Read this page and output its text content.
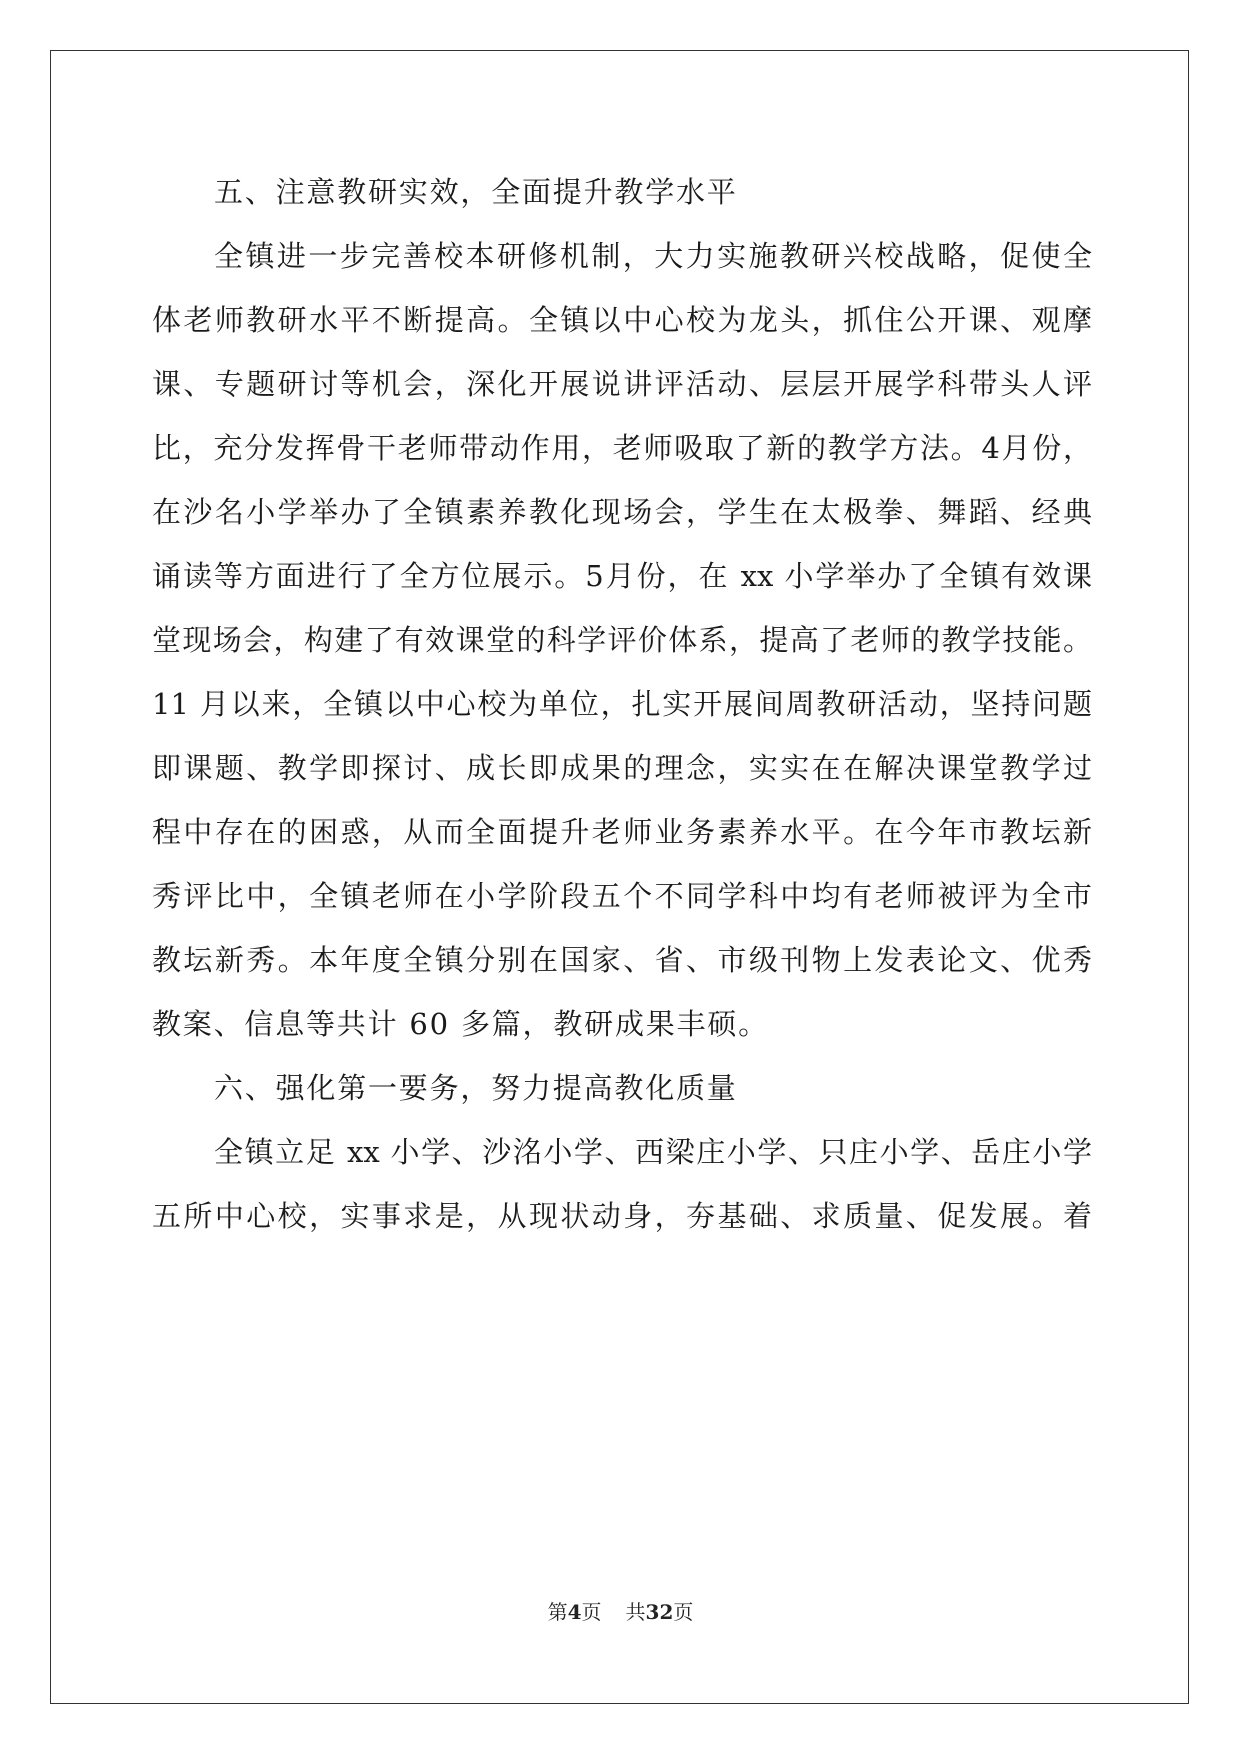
五、注意教研实效，全面提升教学水平
全镇进一步完善校本研修机制，大力实施教研兴校战略，促使全
体老师教研水平不断提高。全镇以中心校为龙头，抓住公开课、观摩
课、专题研讨等机会，深化开展说讲评活动、层层开展学科带头人评
比，充分发挥骨干老师带动作用，老师吸取了新的教学方法。4月份，
在沙名小学举办了全镇素养教化现场会，学生在太极拳、舞蹈、经典
诵读等方面进行了全方位展示。5月份，在 xx 小学举办了全镇有效课
堂现场会，构建了有效课堂的科学评价体系，提高了老师的教学技能。
11 月以来，全镇以中心校为单位，扎实开展间周教研活动，坚持问题
即课题、教学即探讨、成长即成果的理念，实实在在解决课堂教学过
程中存在的困惑，从而全面提升老师业务素养水平。在今年市教坛新
秀评比中，全镇老师在小学阶段五个不同学科中均有老师被评为全市
教坛新秀。本年度全镇分别在国家、省、市级刊物上发表论文、优秀
教案、信息等共计 60 多篇，教研成果丰硕。
六、强化第一要务，努力提高教化质量
全镇立足 xx 小学、沙洺小学、西梁庄小学、只庄小学、岳庄小学
五所中心校，实事求是，从现状动身，夯基础、求质量、促发展。着
第4页 共32页
